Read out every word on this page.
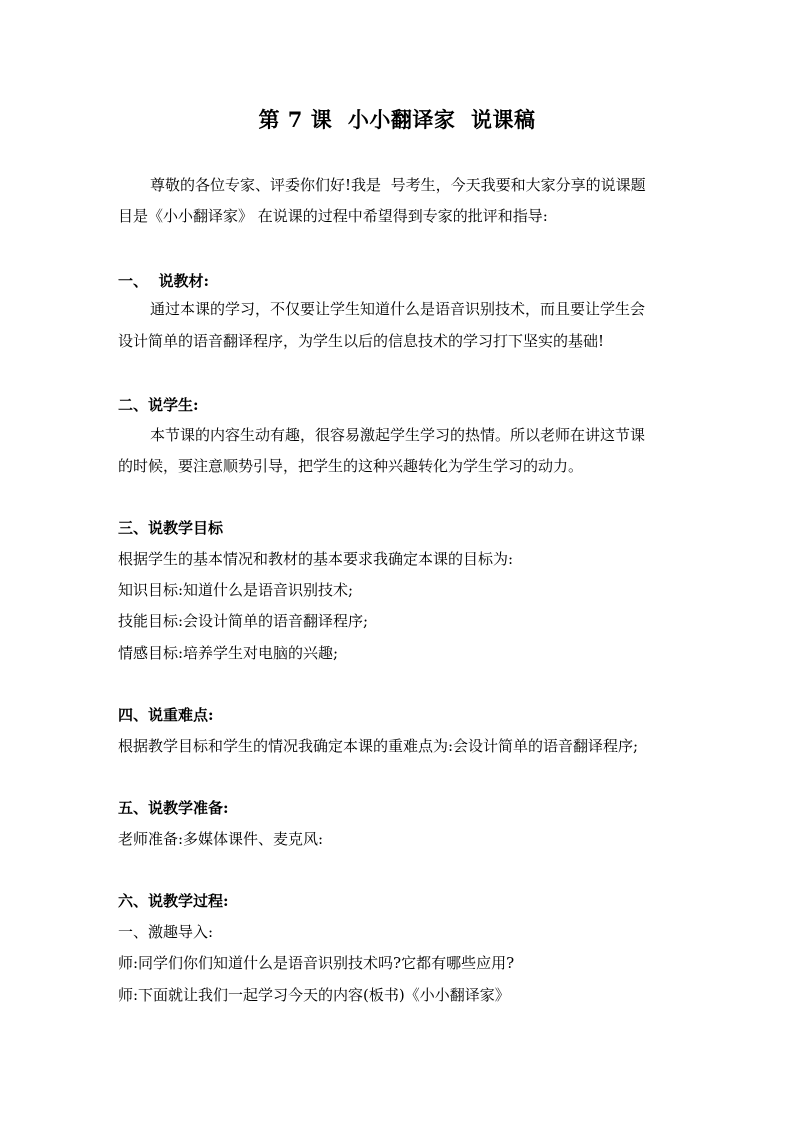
第 7 课  小小翻译家  说课稿
尊敬的各位专家、评委你们好!我是  号考生，今天我要和大家分享的说课题
目是《小小翻译家》 在说课的过程中希望得到专家的批评和指导:
一、  说教材:
通过本课的学习，不仅要让学生知道什么是语音识别技术，而且要让学生会
设计简单的语音翻译程序，为学生以后的信息技术的学习打下坚实的基础!
二、说学生:
本节课的内容生动有趣，很容易激起学生学习的热情。所以老师在讲这节课
的时候，要注意顺势引导，把学生的这种兴趣转化为学生学习的动力。
三、说教学目标
根据学生的基本情况和教材的基本要求我确定本课的目标为:
知识目标:知道什么是语音识别技术;
技能目标:会设计简单的语音翻译程序;
情感目标:培养学生对电脑的兴趣;
四、说重难点:
根据教学目标和学生的情况我确定本课的重难点为:会设计简单的语音翻译程序;
五、说教学准备:
老师准备:多媒体课件、麦克风:
六、说教学过程:
一、激趣导入:
师:同学们你们知道什么是语音识别技术吗?它都有哪些应用?
师:下面就让我们一起学习今天的内容(板书)《小小翻译家》
